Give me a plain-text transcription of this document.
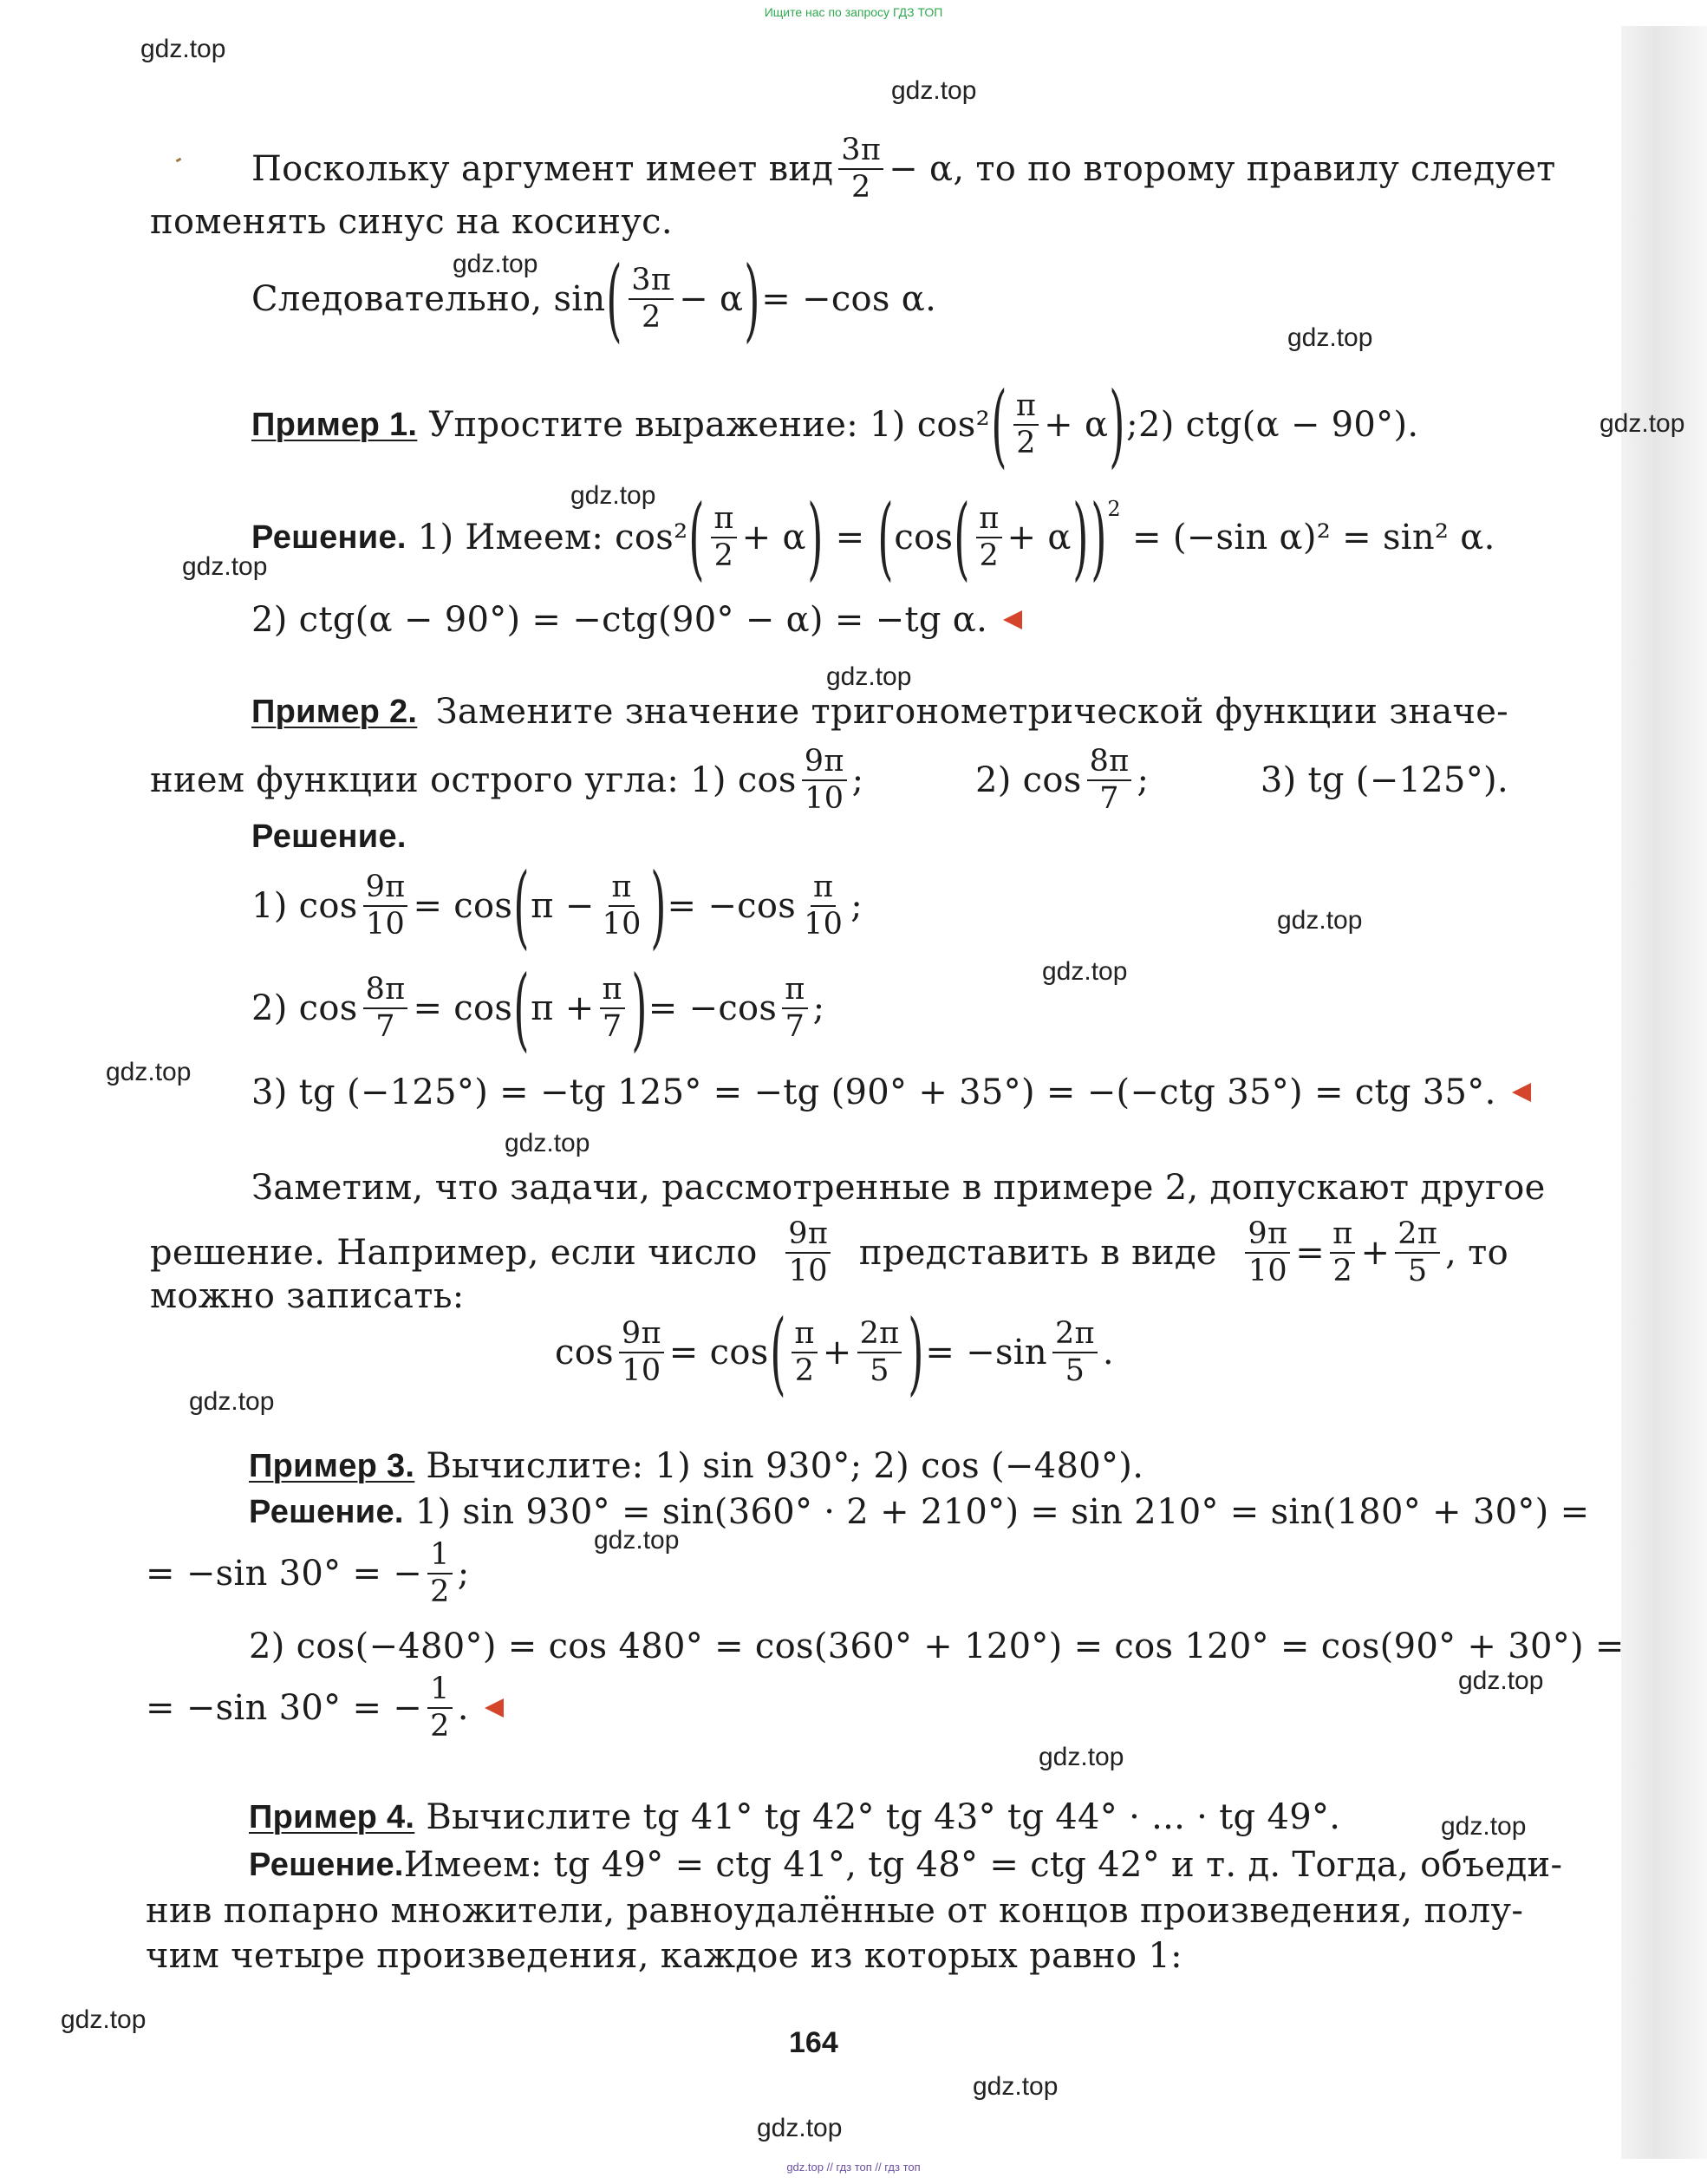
Ищите нас по запросу ГДЗ ТОП
gdz.top
gdz.top
gdz.top
gdz.top
gdz.top
gdz.top
gdz.top
gdz.top
gdz.top
gdz.top
gdz.top
gdz.top
gdz.top
gdz.top
gdz.top
gdz.top
gdz.top
gdz.top
gdz.top
gdz.top
Поскольку аргумент имеет вид 3π
2 − α, то по второму правилу следует
поменять синус на косинус.
Следовательно,
sin ( 3π
2 − α ) = −cos α.
Пример 1.
Упростите выражение: 1) cos² ( π
2 + α ) ; 2) ctg(α − 90°).
Решение.
1) Имеем: cos² ( π
2 + α )
=
( cos ( π
2 + α ) )$^2$

= (−sin α)² = sin² α.
2) ctg(α − 90°) = −ctg(90° − α) = −tg α.
Пример 2. Замените значение тригонометрической функции значе-
нием функции острого угла: 1) cos 9π
10 ;	2) cos 8π
7 ;	3) tg (−125°).
Решение.
1) $\cos \frac{9\pi}{10} = \cos$ ( $\pi - \frac{\pi}{10}$ ) = −cos π
10 ;
2) $\cos \frac{8\pi}{7} = \cos$ ( $\pi + \frac{\pi}{7}$ ) = −cos π
7 ;
3) tg (−125°) = −tg 125° = −tg (90° + 35°) = −(−ctg 35°) = ctg 35°.
Заметим, что задачи, рассмотренные в примере 2, допускают другое
решение. Например, если число 9π
10 представить в виде $\frac{9\pi}{10} = \frac{\pi}{2} + \frac{2\pi}{5}$ , то
можно записать:
$\cos \frac{9\pi}{10} = \cos$ ( π
$2 + \frac{2\pi}{5}$ ) = −sin 2π
5 .
Пример 3.
Вычислите: 1) sin 930°; 2) cos (−480°).
Решение.
1) sin 930° = sin(360° · 2 + 210°) = sin 210° = sin(180° + 30°) =
= −sin 30° = − $\frac{1}{2}$ ;
2) cos(−480°) = cos 480° = cos(360° + 120°) = cos 120° = cos(90° + 30°) =
= −sin 30° = − $\frac{1}{2}$ .
Пример 4.
Вычислите tg 41° tg 42° tg 43° tg 44° · ... · tg 49°.
Решение. Имеем: tg 49° = ctg 41°, tg 48° = ctg 42° и т. д. Тогда, объеди-
нив попарно множители, равноудалённые от концов произведения, полу-
чим четыре произведения, каждое из которых равно 1:
164
gdz.top // гдз топ // гдз топ
